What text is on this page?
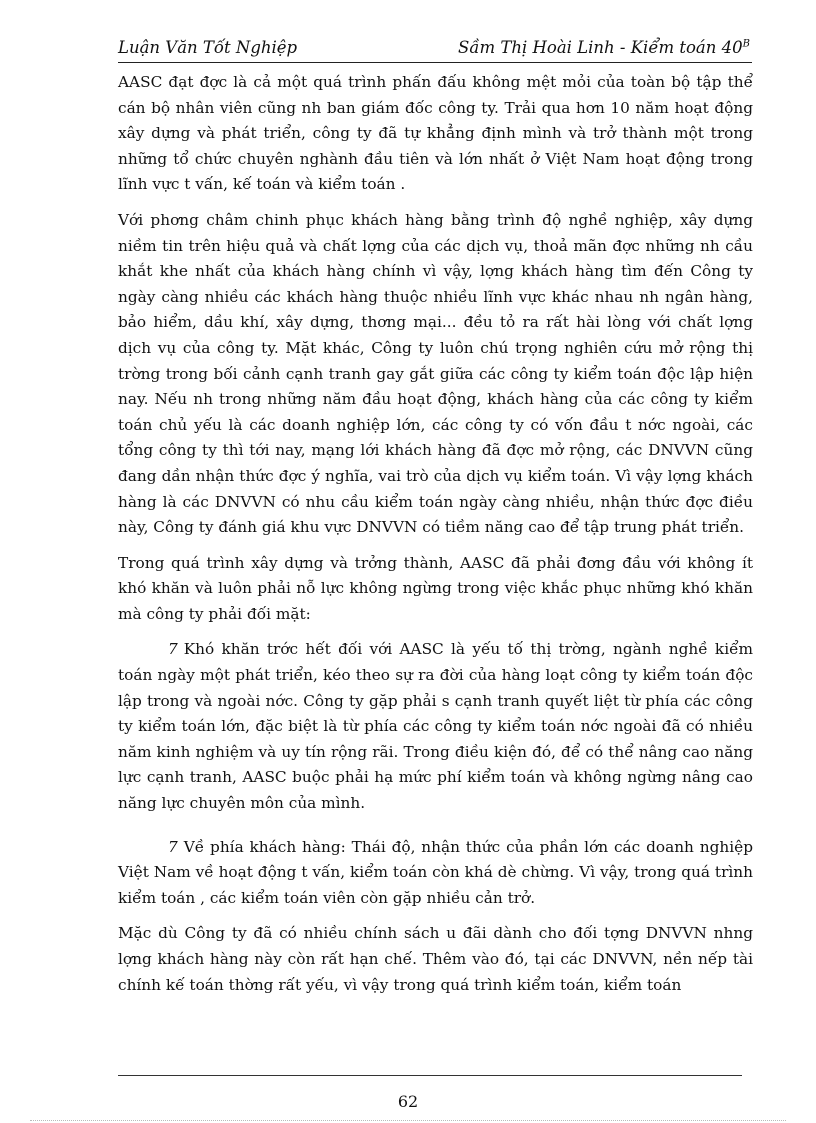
Luận Văn Tốt Nghiệp	Sầm Thị Hoài Linh - Kiểm toán $40^B$

AASC đạt đợc là cả một quá trình phấn đấu không mệt mỏi của toàn bộ tập thể cán bộ nhân viên cũng nh ban giám đốc công ty. Trải qua hơn 10 năm hoạt động xây dựng và phát triển, công ty đã tự khẳng định mình và trở thành một trong những tổ chức chuyên nghành đầu tiên và lớn nhất ở Việt Nam hoạt động trong lĩnh vực t vấn, kế toán và kiểm toán .

Với phơng châm chinh phục khách hàng bằng trình độ nghề nghiệp, xây dựng niềm tin trên hiệu quả và chất lợng của các dịch vụ, thoả mãn đợc những nh cầu khắt khe nhất của khách hàng chính vì vậy, lợng khách hàng tìm đến Công ty ngày càng nhiều các khách hàng thuộc nhiều lĩnh vực khác nhau nh ngân hàng, bảo hiểm, dầu khí, xây dựng, thơng mại... đều tỏ ra rất hài lòng với chất lợng dịch vụ của công ty. Mặt khác, Công ty luôn chú trọng nghiên cứu mở rộng thị trờng trong bối cảnh cạnh tranh gay gắt giữa các công ty kiểm toán độc lập hiện nay. Nếu nh trong những năm đầu hoạt động, khách hàng của các công ty kiểm toán chủ yếu là các doanh nghiệp lớn, các công ty có vốn đầu t nớc ngoài, các tổng công ty thì tới nay, mạng lới khách hàng đã đợc mở rộng, các DNVVN cũng đang dần nhận thức đợc ý nghĩa, vai trò của dịch vụ kiểm toán. Vì vậy lợng khách hàng là các DNVVN có nhu cầu kiểm toán ngày càng nhiều, nhận thức đợc điều này, Công ty đánh giá khu vực DNVVN có tiềm năng cao để tập trung phát triển.

Trong quá trình xây dựng và trởng thành, AASC đã phải đơng đầu với không ít khó khăn và luôn phải nỗ lực không ngừng trong việc khắc phục những khó khăn mà công ty phải đối mặt:

7 Khó khăn trớc hết đối với AASC là yếu tố thị trờng, ngành nghề kiểm toán ngày một phát triển, kéo theo sự ra đời của hàng loạt công ty kiểm toán độc lập trong và ngoài nớc. Công ty gặp phải s cạnh tranh quyết liệt từ phía các công ty kiểm toán lớn, đặc biệt là từ phía các công ty kiểm toán nớc ngoài đã có nhiều năm kinh nghiệm và uy tín rộng rãi. Trong điều kiện đó, để có thể nâng cao năng lực cạnh tranh, AASC buộc phải hạ mức phí kiểm toán và không ngừng nâng cao năng lực chuyên môn của mình.

7 Về phía khách hàng: Thái độ, nhận thức của phần lớn các doanh nghiệp Việt Nam về hoạt động t vấn, kiểm toán còn khá dè chừng. Vì vậy, trong quá trình kiểm toán , các kiểm toán viên còn gặp nhiều cản trở.

Mặc dù Công ty đã có nhiều chính sách u đãi dành cho đối tợng DNVVN nhng lợng khách hàng này còn rất hạn chế. Thêm vào đó, tại các DNVVN, nền nếp tài chính kế toán thờng rất yếu, vì vậy trong quá trình kiểm toán, kiểm toán

62
